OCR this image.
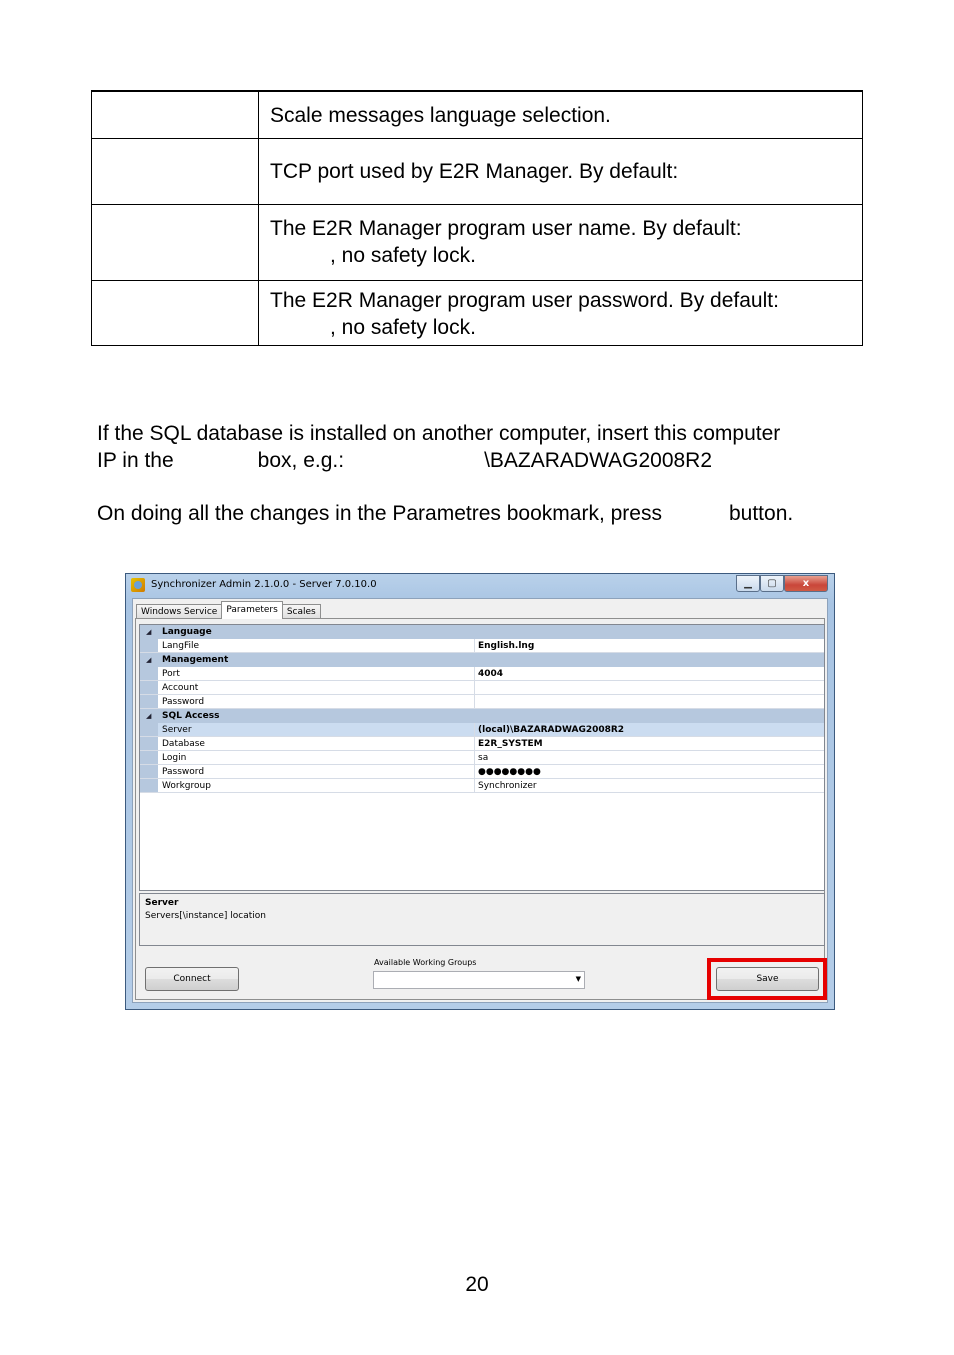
	Scale messages language selection.
	TCP port used by E2R Manager. By default:

	The E2R Manager program user name. By default:
, no safety lock.

	The E2R Manager program user password. By default:
, no safety lock.
If the SQL database is installed on another computer, insert this computer
IP in the	box, e.g.:	\BAZARADWAG2008R2
On doing all the changes in the Parametres bookmark, press	button.
Synchronizer Admin 2.1.0.0 - Server 7.0.10.0	▁ ▢	x
Windows Service	Parameters	Scales
◢ Language
LangFile	English.lng
◢ Management
Port	4004
Account
Password
◢ SQL Access
Server	(local)\BAZARADWAG2008R2
Database	E2R_SYSTEM
Login	sa
Password	●●●●●●●●
Workgroup	Synchronizer
Server
Servers[\instance] location
Connect
Available Working Groups
▼	Save
20
